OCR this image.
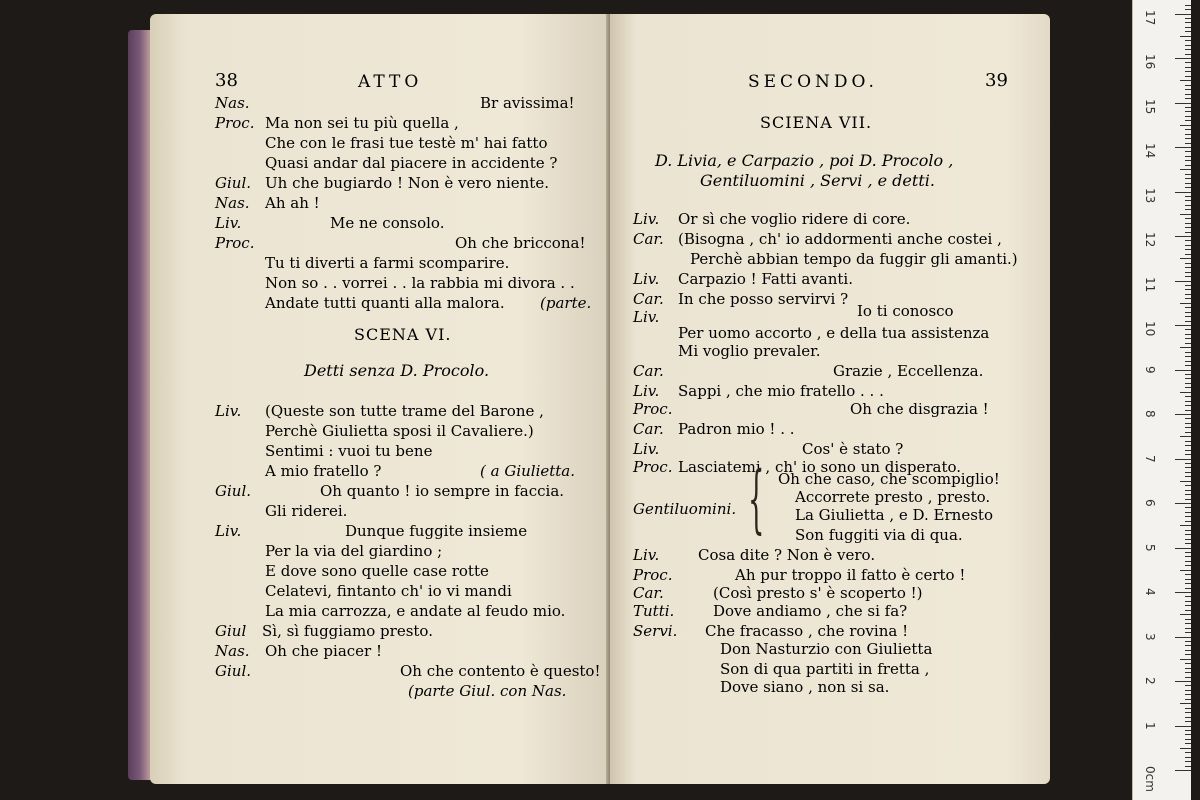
38	ATTO
Nas.	Br avissima!
Proc. Ma non sei tu più quella ,
Che con le frasi tue testè m' hai fatto
Quasi andar dal piacere in accidente ?
Giul. Uh che bugiardo ! Non è vero niente.
Nas. Ah ah !
Liv.	Me ne consolo.
Proc.	Oh che briccona!
Tu ti diverti a farmi scomparire.
Non so . . vorrei . . la rabbia mi divora . .
Andate tutti quanti alla malora. (parte.
SCENA VI.
Detti senza D. Procolo.
Liv. (Queste son tutte trame del Barone ,
Perchè Giulietta sposi il Cavaliere.)
Sentimi : vuoi tu bene
A mio fratello ?	( a Giulietta.
Giul.	Oh quanto ! io sempre in faccia.
Gli riderei.
Liv.	Dunque fuggite insieme
Per la via del giardino ;
E dove sono quelle case rotte
Celatevi, fintanto ch' io vi mandi
La mia carrozza, e andate al feudo mio.
Giul Sì, sì fuggiamo presto.
Nas. Oh che piacer !
Giul.	Oh che contento è questo!
(parte Giul. con Nas.
SECONDO.	39
SCIENA VII.
D. Livia, e Carpazio , poi D. Procolo ,
Gentiluomini , Servi , e detti.
Liv. Or sì che voglio ridere di core.
Car. (Bisogna , ch' io addormenti anche costei ,
Perchè abbian tempo da fuggir gli amanti.)
Liv. Carpazio ! Fatti avanti.
Car. In che posso servirvi ?
Liv.	Io ti conosco
Per uomo accorto , e della tua assistenza
Mi voglio prevaler.
Car.	Grazie , Eccellenza.
Liv. Sappi , che mio fratello . . .
Proc.	Oh che disgrazia !
Car. Padron mio ! . .
Liv.	Cos' è stato ?
Proc. Lasciatemi , ch' io sono un disperato.
Gentiluomini. { Oh che caso, che scompiglio!
Accorrete presto , presto.
La Giulietta , e D. Ernesto
Son fuggiti via di qua.
Liv.	Cosa dite ? Non è vero.
Proc.	Ah pur troppo il fatto è certo !
Car.	(Così presto s' è scoperto !)
Tutti.	Dove andiamo , che si fa?
Servi. Che fracasso , che rovina !
Don Nasturzio con Giulietta
Son di qua partiti in fretta ,
Dove siano , non si sa.
0cm
1
2
3
4
5
6
7
8
9
10
11
12
13
14
15
16
17
